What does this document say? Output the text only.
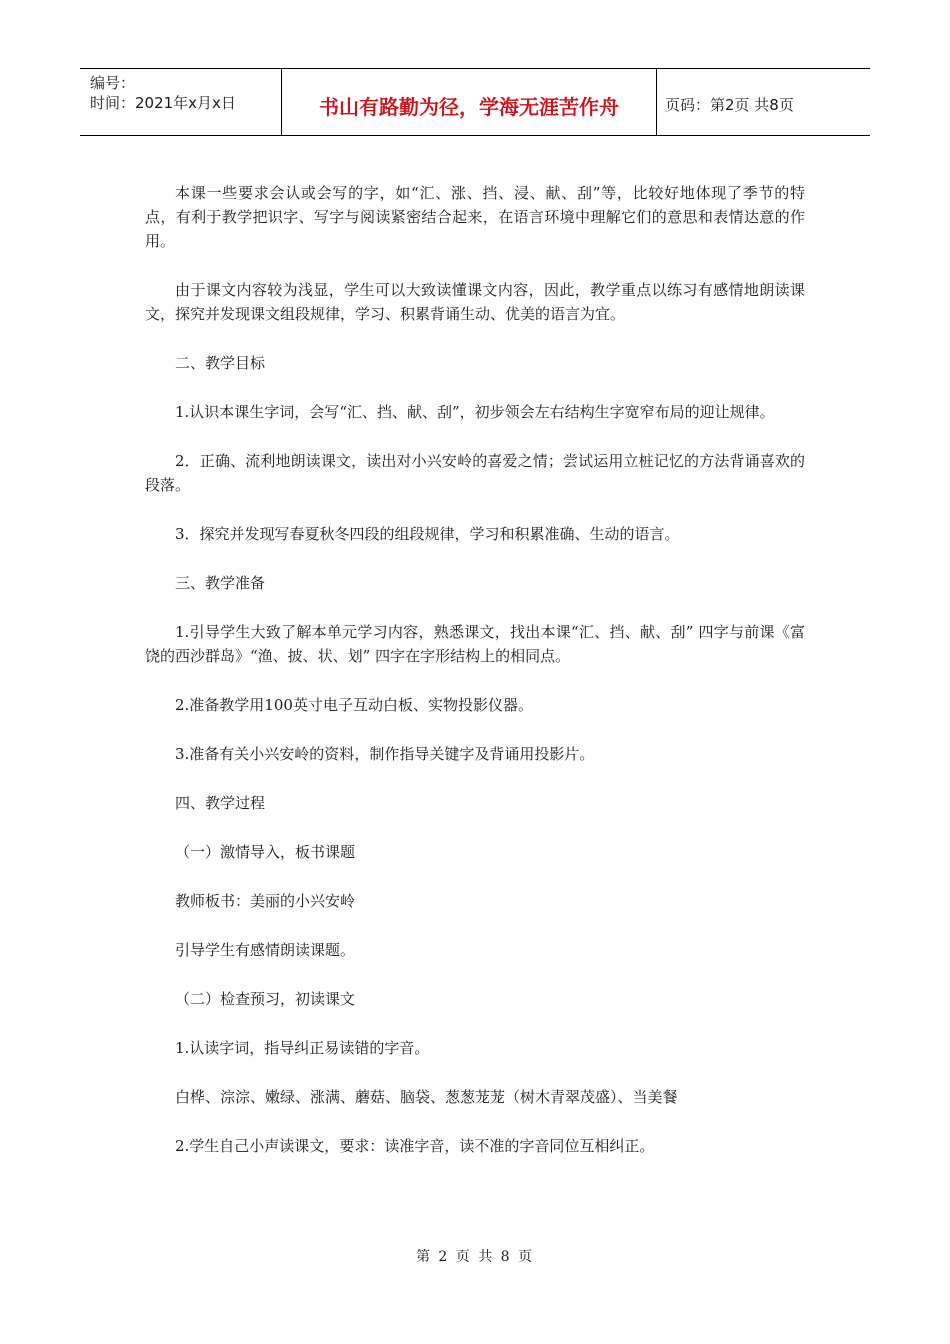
编号：
时间：2021年x月x日	书山有路勤为径，学海无涯苦作舟	页码：第2页 共8页

本课一些要求会认或会写的字，如“汇、涨、挡、浸、献、刮”等，比较好地体现了季节的特点，有利于教学把识字、写字与阅读紧密结合起来，在语言环境中理解它们的意思和表情达意的作用。

由于课文内容较为浅显，学生可以大致读懂课文内容，因此，教学重点以练习有感情地朗读课文，探究并发现课文组段规律，学习、积累背诵生动、优美的语言为宜。

二、教学目标

1.认识本课生字词，会写“汇、挡、献、刮”，初步领会左右结构生字宽窄布局的迎让规律。

2．正确、流利地朗读课文，读出对小兴安岭的喜爱之情；尝试运用立桩记忆的方法背诵喜欢的段落。

3．探究并发现写春夏秋冬四段的组段规律，学习和积累准确、生动的语言。

三、教学准备

1.引导学生大致了解本单元学习内容，熟悉课文，找出本课“汇、挡、献、刮” 四字与前课《富饶的西沙群岛》“渔、披、状、划” 四字在字形结构上的相同点。

2.准备教学用100英寸电子互动白板、实物投影仪器。

3.准备有关小兴安岭的资料，制作指导关键字及背诵用投影片。

四、教学过程

（一）激情导入，板书课题

教师板书：美丽的小兴安岭

引导学生有感情朗读课题。

（二）检查预习，初读课文

1.认读字词，指导纠正易读错的字音。

白桦、淙淙、嫩绿、涨满、蘑菇、脑袋、葱葱茏茏（树木青翠茂盛）、当美餐

2.学生自己小声读课文，要求：读准字音，读不准的字音同位互相纠正。

第 2 页 共 8 页
